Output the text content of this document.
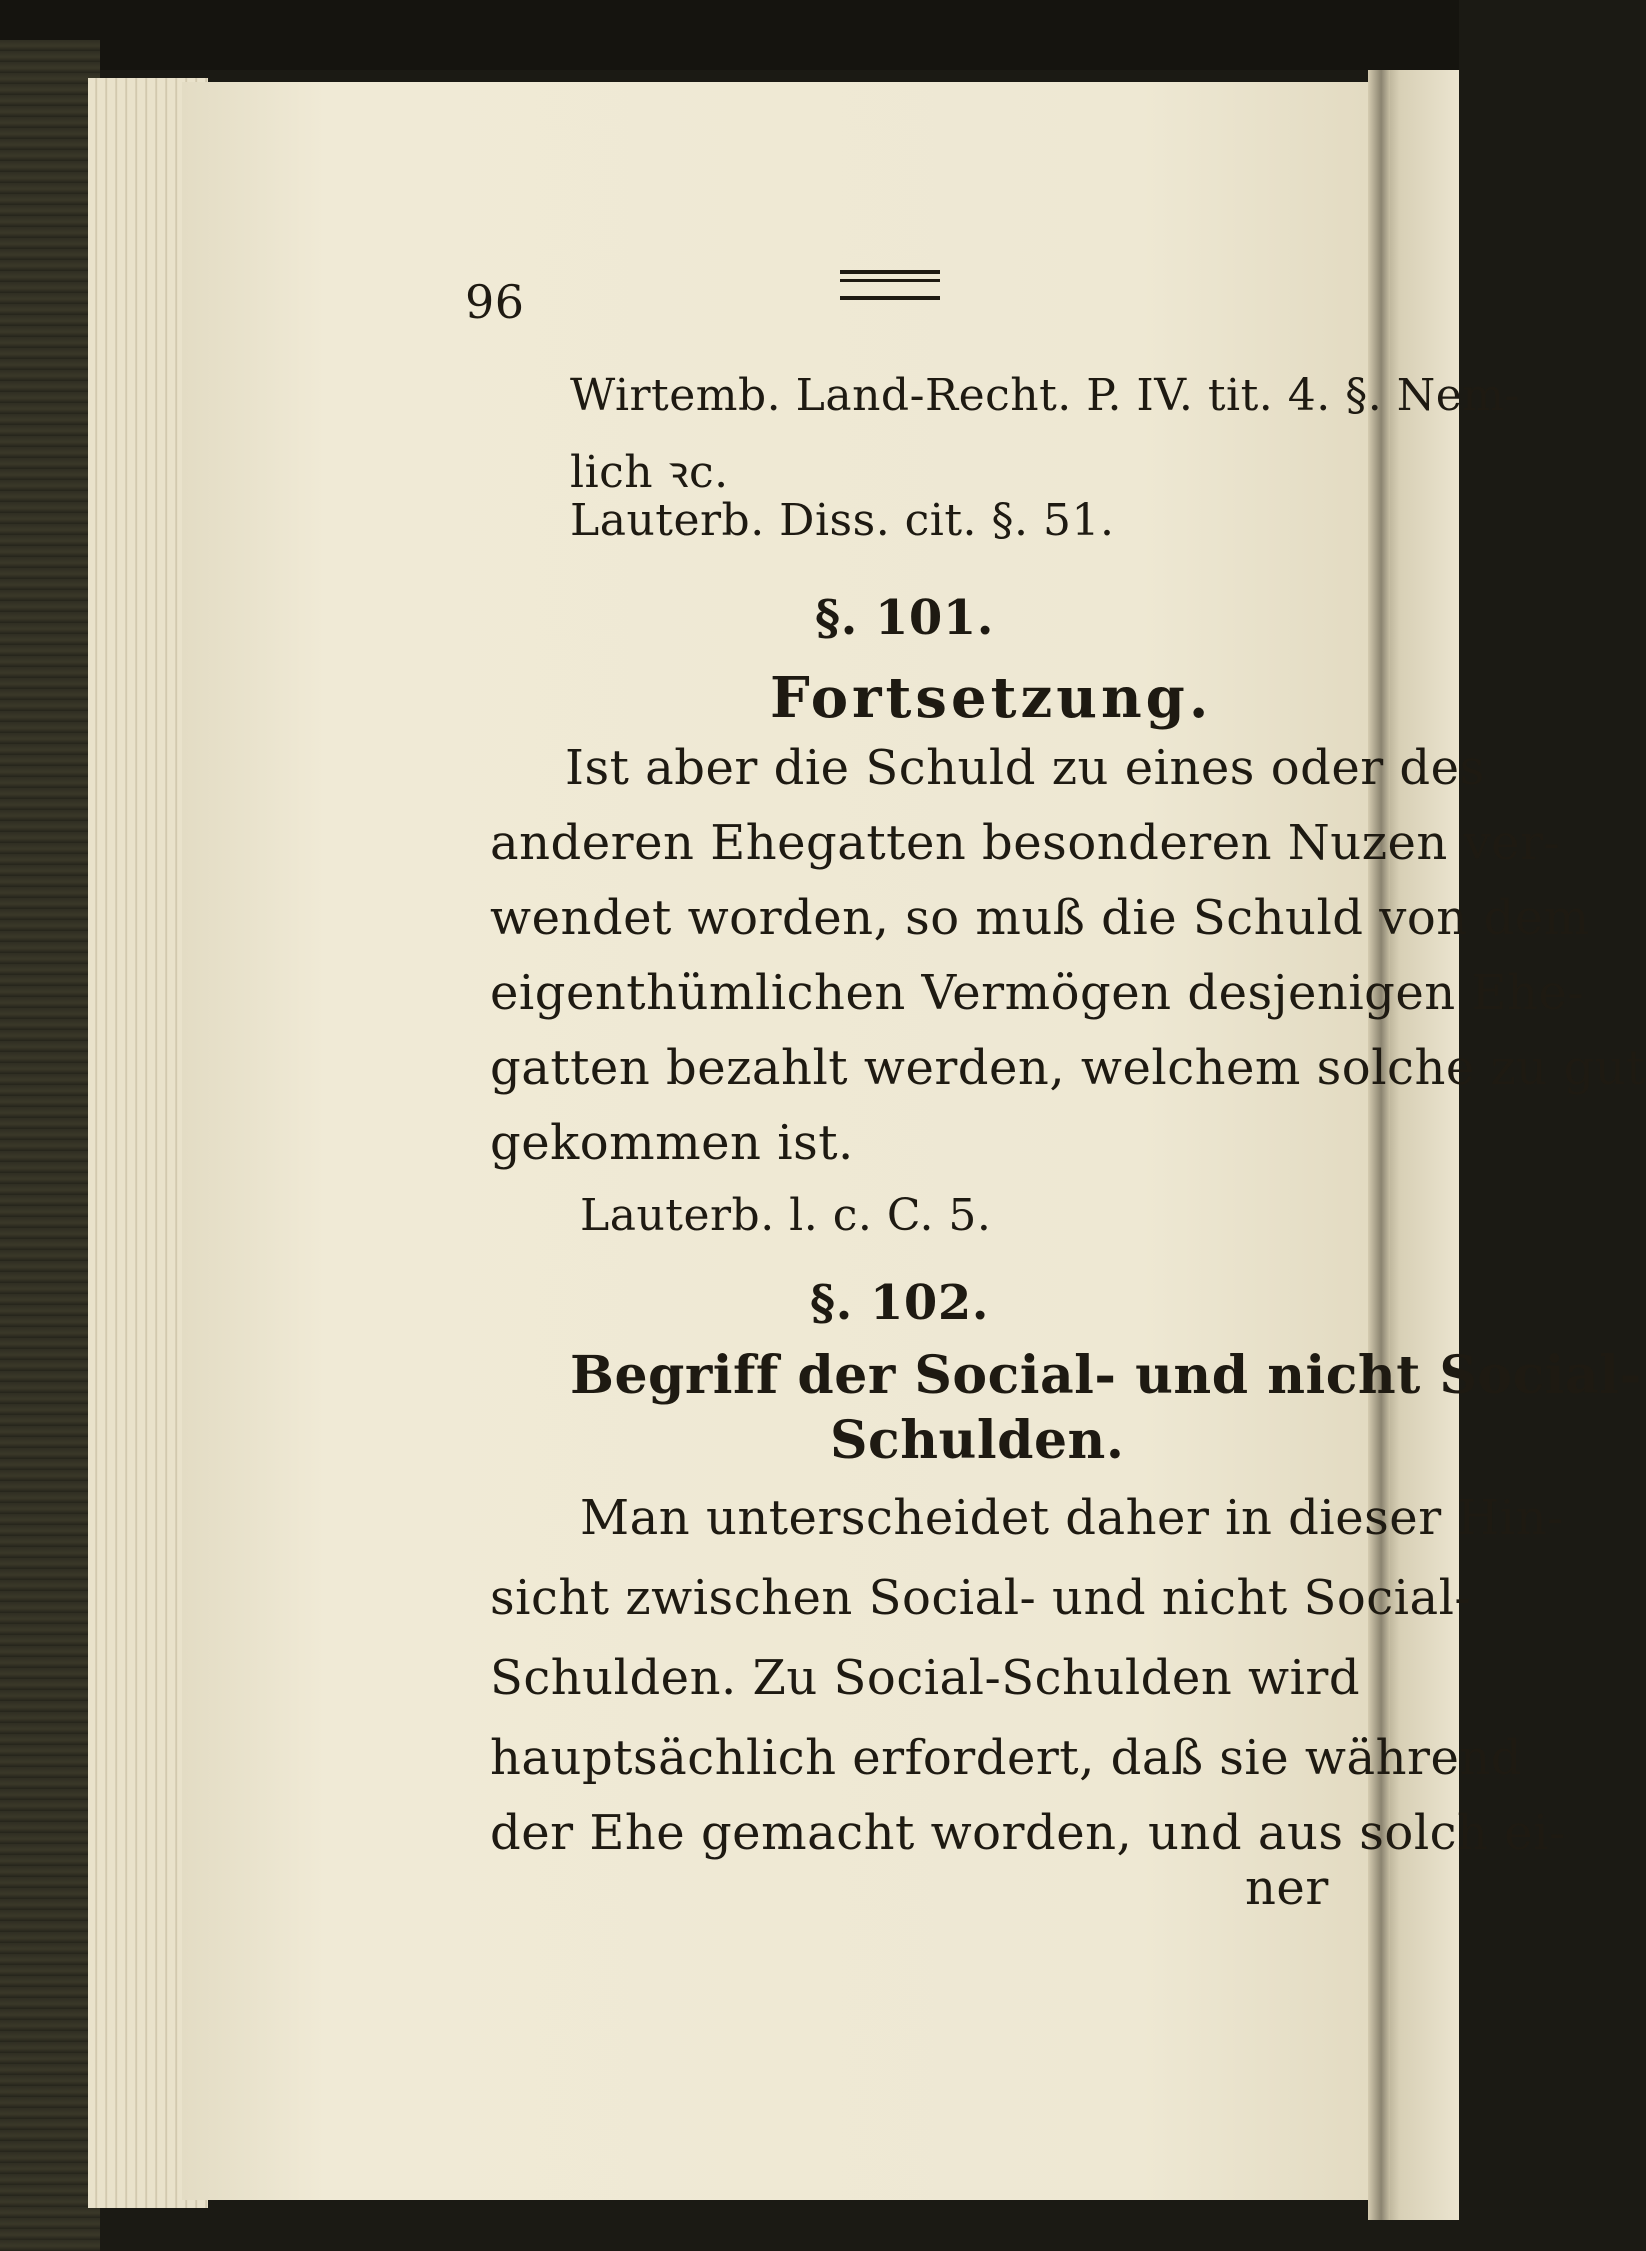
96
Wirtemb. Land-Recht. P. IV. tit. 4. §. Nem-
lich ꝛc.
Lauterb. Diss. cit. §. 51.
§. 101.
Fortsetzung.
Ist aber die Schuld zu eines oder des
anderen Ehegatten besonderen Nuzen ver-
wendet worden, so muß die Schuld von dem
eigenthümlichen Vermögen desjenigen Ehe-
gatten bezahlt werden, welchem solche zu gut
gekommen ist.
Lauterb. l. c. C. 5.
§. 102.
Begriff der Social- und nicht Social-
Schulden.
Man unterscheidet daher in dieser Hin-
sicht zwischen Social- und nicht Social-
Schulden. Zu Social-Schulden wird
hauptsächlich erfordert, daß sie während
der Ehe gemacht worden, und aus solch ei-
ner
